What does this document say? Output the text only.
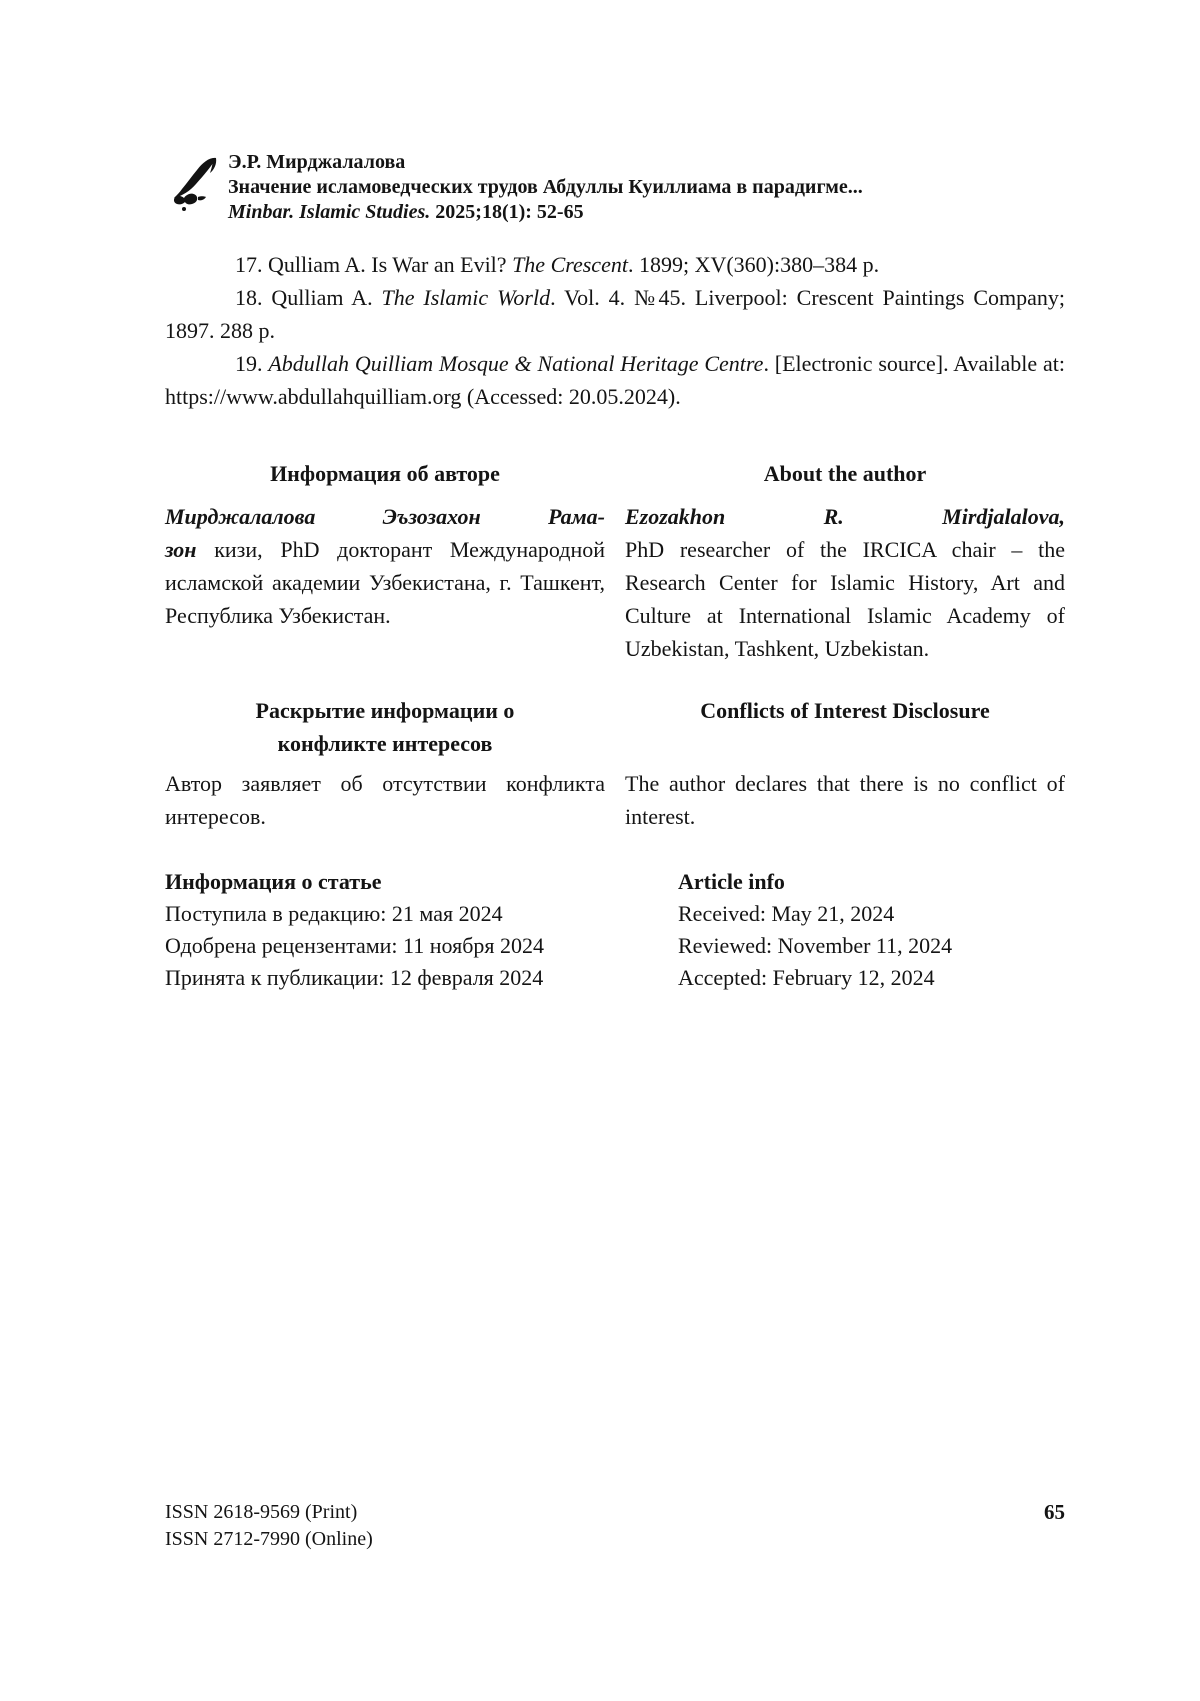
Э.Р. Мирджалалова
Значение исламоведческих трудов Абдуллы Куиллиама в парадигме...
Minbar. Islamic Studies. 2025;18(1): 52-65

17. Qulliam A. Is War an Evil? The Crescent. 1899; XV(360):380–384 p.

18. Qulliam A. The Islamic World. Vol. 4. №45. Liverpool: Crescent Paintings Company; 1897. 288 p.

19. Abdullah Quilliam Mosque & National Heritage Centre. [Electronic source]. Available at: https://www.abdullahquilliam.org (Accessed: 20.05.2024).

Информация об авторе	About the author
Мирджалалова Эъзозахон Рама-

зон кизи, PhD докторант Международной исламской академии Узбекистана, г. Ташкент, Республика Узбекистан.

Ezozakhon R. Mirdjalalova,

PhD researcher of the IRCICA chair – the Research Center for Islamic History, Art and Culture at International Islamic Academy of Uzbekistan, Tashkent, Uzbekistan.

Раскрытие информации о
конфликте интересов
Conflicts of Interest Disclosure

Автор заявляет об отсутствии конфликта интересов.

The author declares that there is no conflict of interest.

Информация о статье
Поступила в редакцию: 21 мая 2024
Одобрена рецензентами: 11 ноября 2024
Принята к публикации: 12 февраля 2024
Article info
Received: May 21, 2024
Reviewed: November 11, 2024
Accepted: February 12, 2024
ISSN 2618-9569 (Print)
ISSN 2712-7990 (Online)
65
